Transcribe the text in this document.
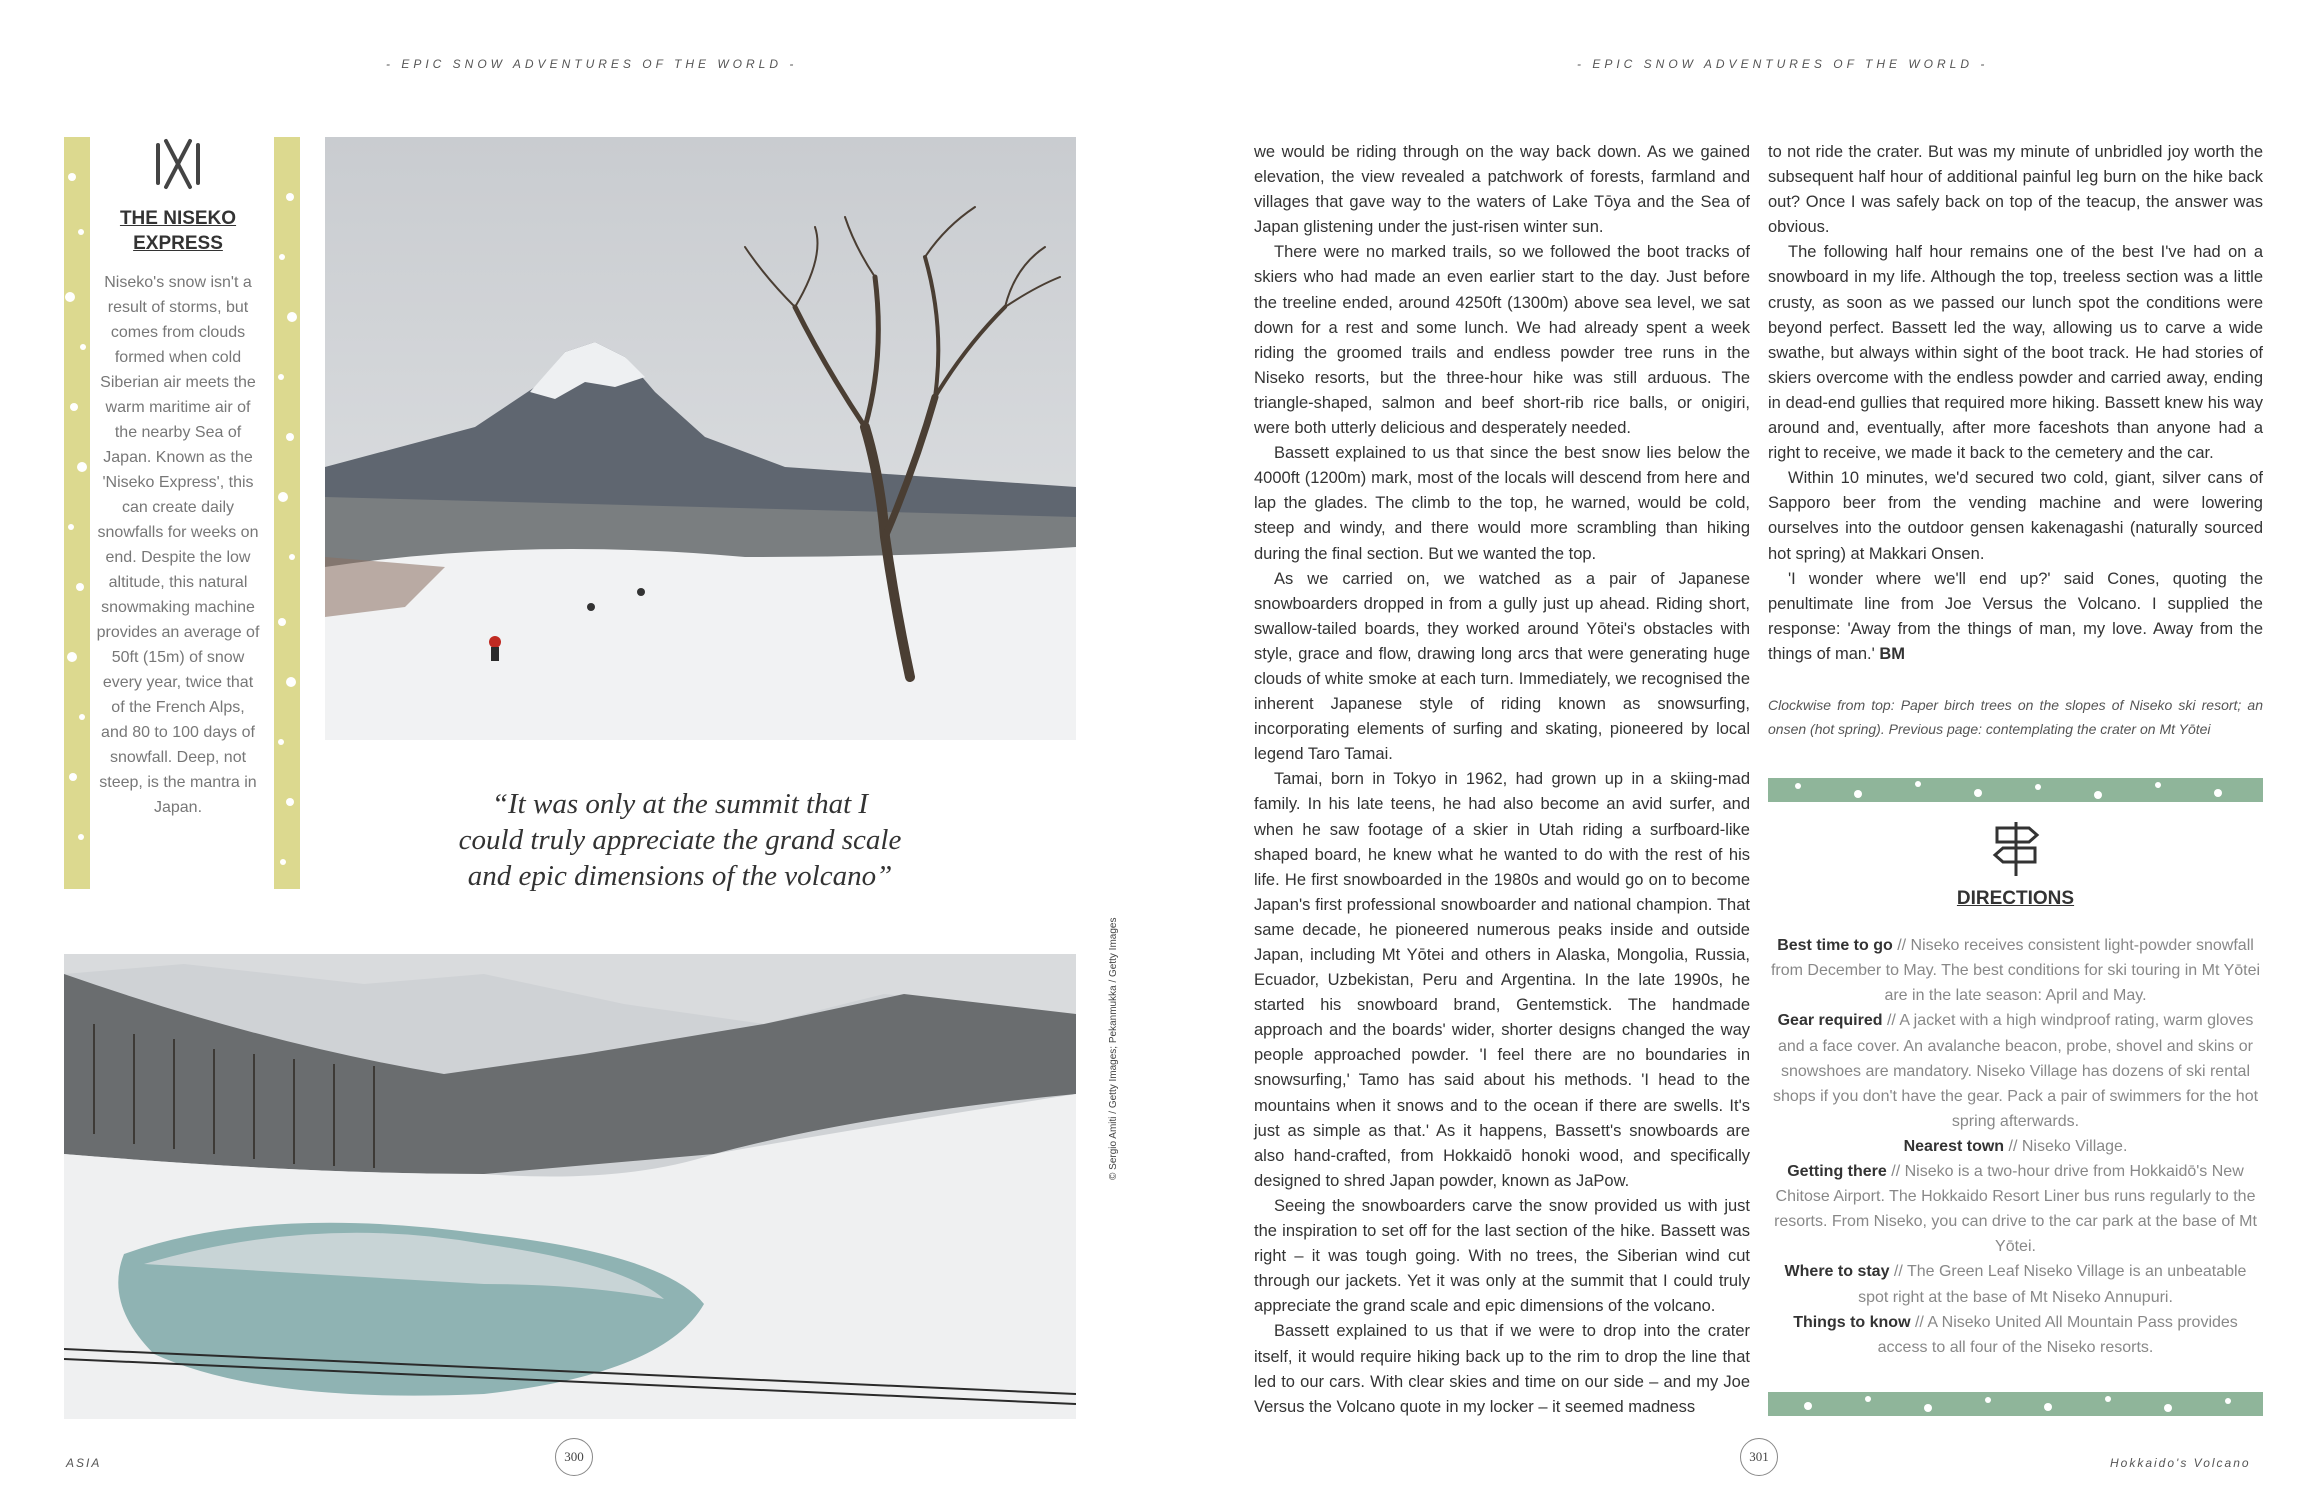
- EPIC SNOW ADVENTURES OF THE WORLD -	- EPIC SNOW ADVENTURES OF THE WORLD -
THE NISEKO
EXPRESS
Niseko's snow isn't a result of storms, but comes from clouds formed when cold Siberian air meets the warm maritime air of the nearby Sea of Japan. Known as the 'Niseko Express', this can create daily snowfalls for weeks on end. Despite the low altitude, this natural snowmaking machine provides an average of 50ft (15m) of snow every year, twice that of the French Alps, and 80 to 100 days of snowfall. Deep, not steep, is the mantra in Japan.	“It was only at the summit that I
could truly appreciate the grand scale
and epic dimensions of the volcano”
© Sergio Amiti / Getty Images; Pekanmukka / Getty Images

we would be riding through on the way back down. As we gained elevation, the view revealed a patchwork of forests, farmland and villages that gave way to the waters of Lake Tōya and the Sea of Japan glistening under the just-risen winter sun.

There were no marked trails, so we followed the boot tracks of skiers who had made an even earlier start to the day. Just before the treeline ended, around 4250ft (1300m) above sea level, we sat down for a rest and some lunch. We had already spent a week riding the groomed trails and endless powder tree runs in the Niseko resorts, but the three-hour hike was still arduous. The triangle-shaped, salmon and beef short-rib rice balls, or onigiri, were both utterly delicious and desperately needed.

Bassett explained to us that since the best snow lies below the 4000ft (1200m) mark, most of the locals will descend from here and lap the glades. The climb to the top, he warned, would be cold, steep and windy, and there would more scrambling than hiking during the final section. But we wanted the top.

As we carried on, we watched as a pair of Japanese snowboarders dropped in from a gully just up ahead. Riding short, swallow-tailed boards, they worked around Yōtei's obstacles with style, grace and flow, drawing long arcs that were generating huge clouds of white smoke at each turn. Immediately, we recognised the inherent Japanese style of riding known as snowsurfing, incorporating elements of surfing and skating, pioneered by local legend Taro Tamai.

Tamai, born in Tokyo in 1962, had grown up in a skiing-mad family. In his late teens, he had also become an avid surfer, and when he saw footage of a skier in Utah riding a surfboard-like shaped board, he knew what he wanted to do with the rest of his life. He first snowboarded in the 1980s and would go on to become Japan's first professional snowboarder and national champion. That same decade, he pioneered numerous peaks inside and outside Japan, including Mt Yōtei and others in Alaska, Mongolia, Russia, Ecuador, Uzbekistan, Peru and Argentina. In the late 1990s, he started his snowboard brand, Gentemstick. The handmade approach and the boards' wider, shorter designs changed the way people approached powder. 'I feel there are no boundaries in snowsurfing,' Tamo has said about his methods. 'I head to the mountains when it snows and to the ocean if there are swells. It's just as simple as that.' As it happens, Bassett's snowboards are also hand-crafted, from Hokkaidō honoki wood, and specifically designed to shred Japan powder, known as JaPow.

Seeing the snowboarders carve the snow provided us with just the inspiration to set off for the last section of the hike. Bassett was right – it was tough going. With no trees, the Siberian wind cut through our jackets. Yet it was only at the summit that I could truly appreciate the grand scale and epic dimensions of the volcano.

Bassett explained to us that if we were to drop into the crater itself, it would require hiking back up to the rim to drop the line that led to our cars. With clear skies and time on our side – and my Joe Versus the Volcano quote in my locker – it seemed madness

to not ride the crater. But was my minute of unbridled joy worth the subsequent half hour of additional painful leg burn on the hike back out? Once I was safely back on top of the teacup, the answer was obvious.

The following half hour remains one of the best I've had on a snowboard in my life. Although the top, treeless section was a little crusty, as soon as we passed our lunch spot the conditions were beyond perfect. Bassett led the way, allowing us to carve a wide swathe, but always within sight of the boot track. He had stories of skiers overcome with the endless powder and carried away, ending in dead-end gullies that required more hiking. Bassett knew his way around and, eventually, after more faceshots than anyone had a right to receive, we made it back to the cemetery and the car.

Within 10 minutes, we'd secured two cold, giant, silver cans of Sapporo beer from the vending machine and were lowering ourselves into the outdoor gensen kakenagashi (naturally sourced hot spring) at Makkari Onsen.

'I wonder where we'll end up?' said Cones, quoting the penultimate line from Joe Versus the Volcano. I supplied the response: 'Away from the things of man, my love. Away from the things of man.' BM

Clockwise from top: Paper birch trees on the slopes of Niseko ski resort; an onsen (hot spring). Previous page: contemplating the crater on Mt Yōtei
DIRECTIONS
Best time to go // Niseko receives consistent light-powder snowfall from December to May. The best conditions for ski touring in Mt Yōtei are in the late season: April and May.
Gear required // A jacket with a high windproof rating, warm gloves and a face cover. An avalanche beacon, probe, shovel and skins or snowshoes are mandatory. Niseko Village has dozens of ski rental shops if you don't have the gear. Pack a pair of swimmers for the hot spring afterwards.
Nearest town // Niseko Village.
Getting there // Niseko is a two-hour drive from Hokkaidō's New Chitose Airport. The Hokkaido Resort Liner bus runs regularly to the resorts. From Niseko, you can drive to the car park at the base of Mt Yōtei.
Where to stay // The Green Leaf Niseko Village is an unbeatable spot right at the base of Mt Niseko Annupuri.
Things to know // A Niseko United All Mountain Pass provides access to all four of the Niseko resorts.
ASIA	300	301	Hokkaido's Volcano
